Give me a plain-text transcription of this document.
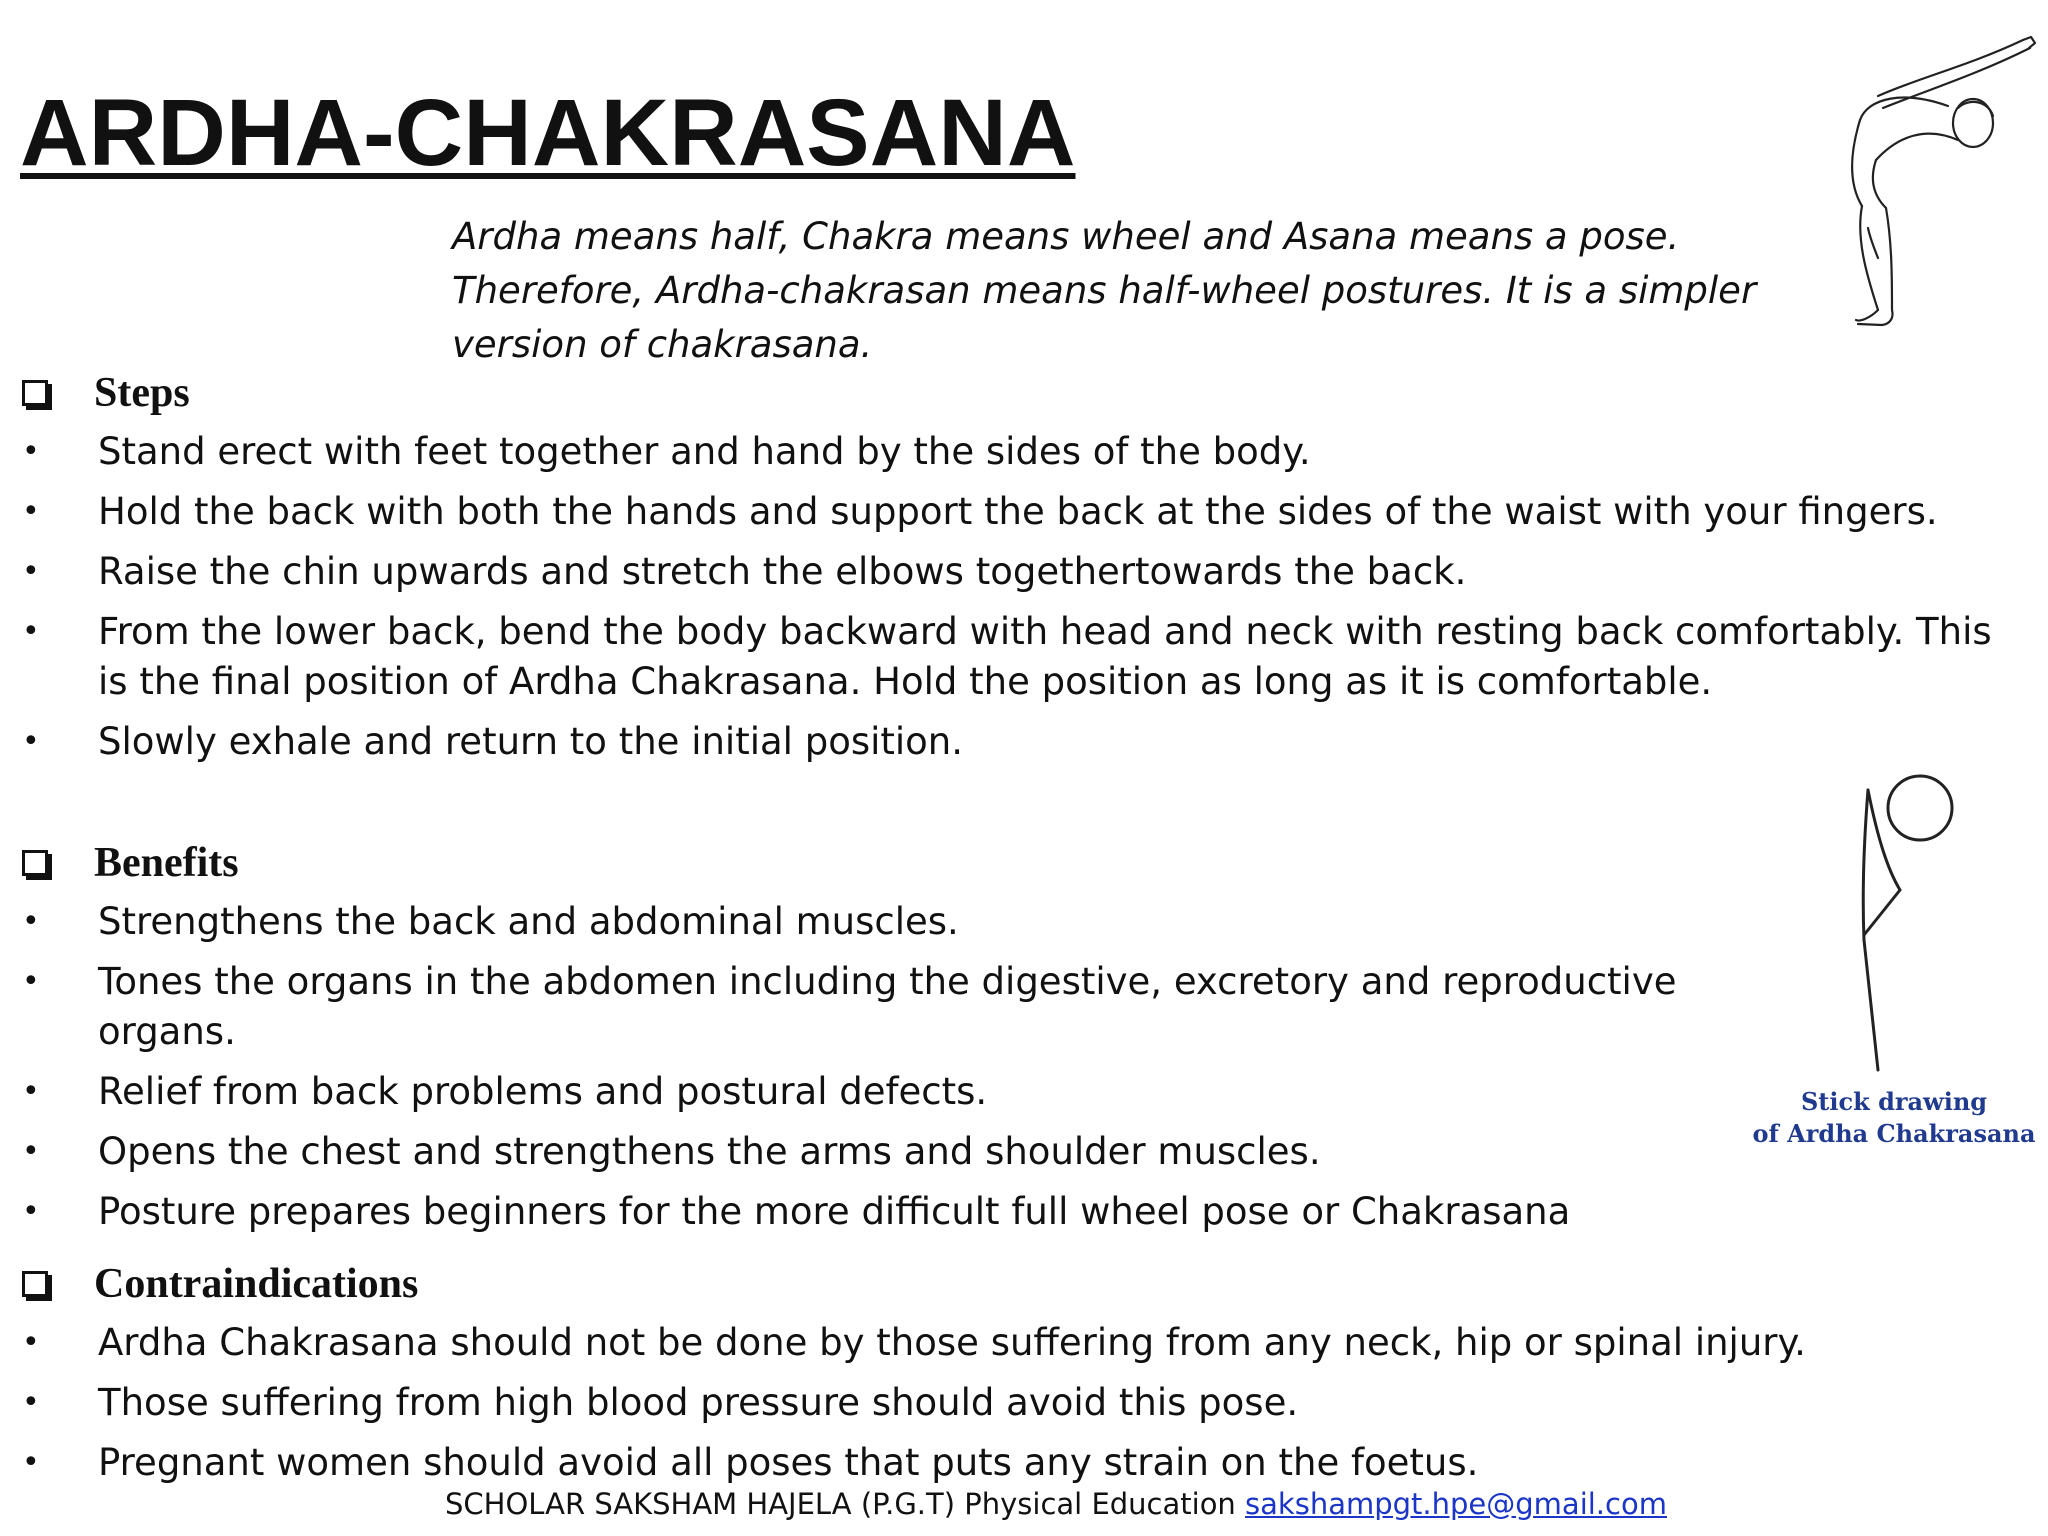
ARDHA-CHAKRASANA
Ardha means half, Chakra means wheel and Asana means a pose.
Therefore, Ardha-chakrasan means half-wheel postures. It is a simpler
version of chakrasana.
Steps
• Stand erect with feet together and hand by the sides of the body.
• Hold the back with both the hands and support the back at the sides of the waist with your fingers.
• Raise the chin upwards and stretch the elbows togethertowards the back.
• From the lower back, bend the body backward with head and neck with resting back comfortably. This is the final position of Ardha Chakrasana. Hold the position as long as it is comfortable.
• Slowly exhale and return to the initial position.
Benefits
• Strengthens the back and abdominal muscles.
• Tones the organs in the abdomen including the digestive, excretory and reproductive organs.
• Relief from back problems and postural defects.
• Opens the chest and strengthens the arms and shoulder muscles.
• Posture prepares beginners for the more difficult full wheel pose or Chakrasana
Stick drawing
of Ardha Chakrasana
Contraindications
• Ardha Chakrasana should not be done by those suffering from any neck, hip or spinal injury.
• Those suffering from high blood pressure should avoid this pose.
• Pregnant women should avoid all poses that puts any strain on the foetus.
SCHOLAR SAKSHAM HAJELA (P.G.T) Physical Education sakshampgt.hpe@gmail.com
